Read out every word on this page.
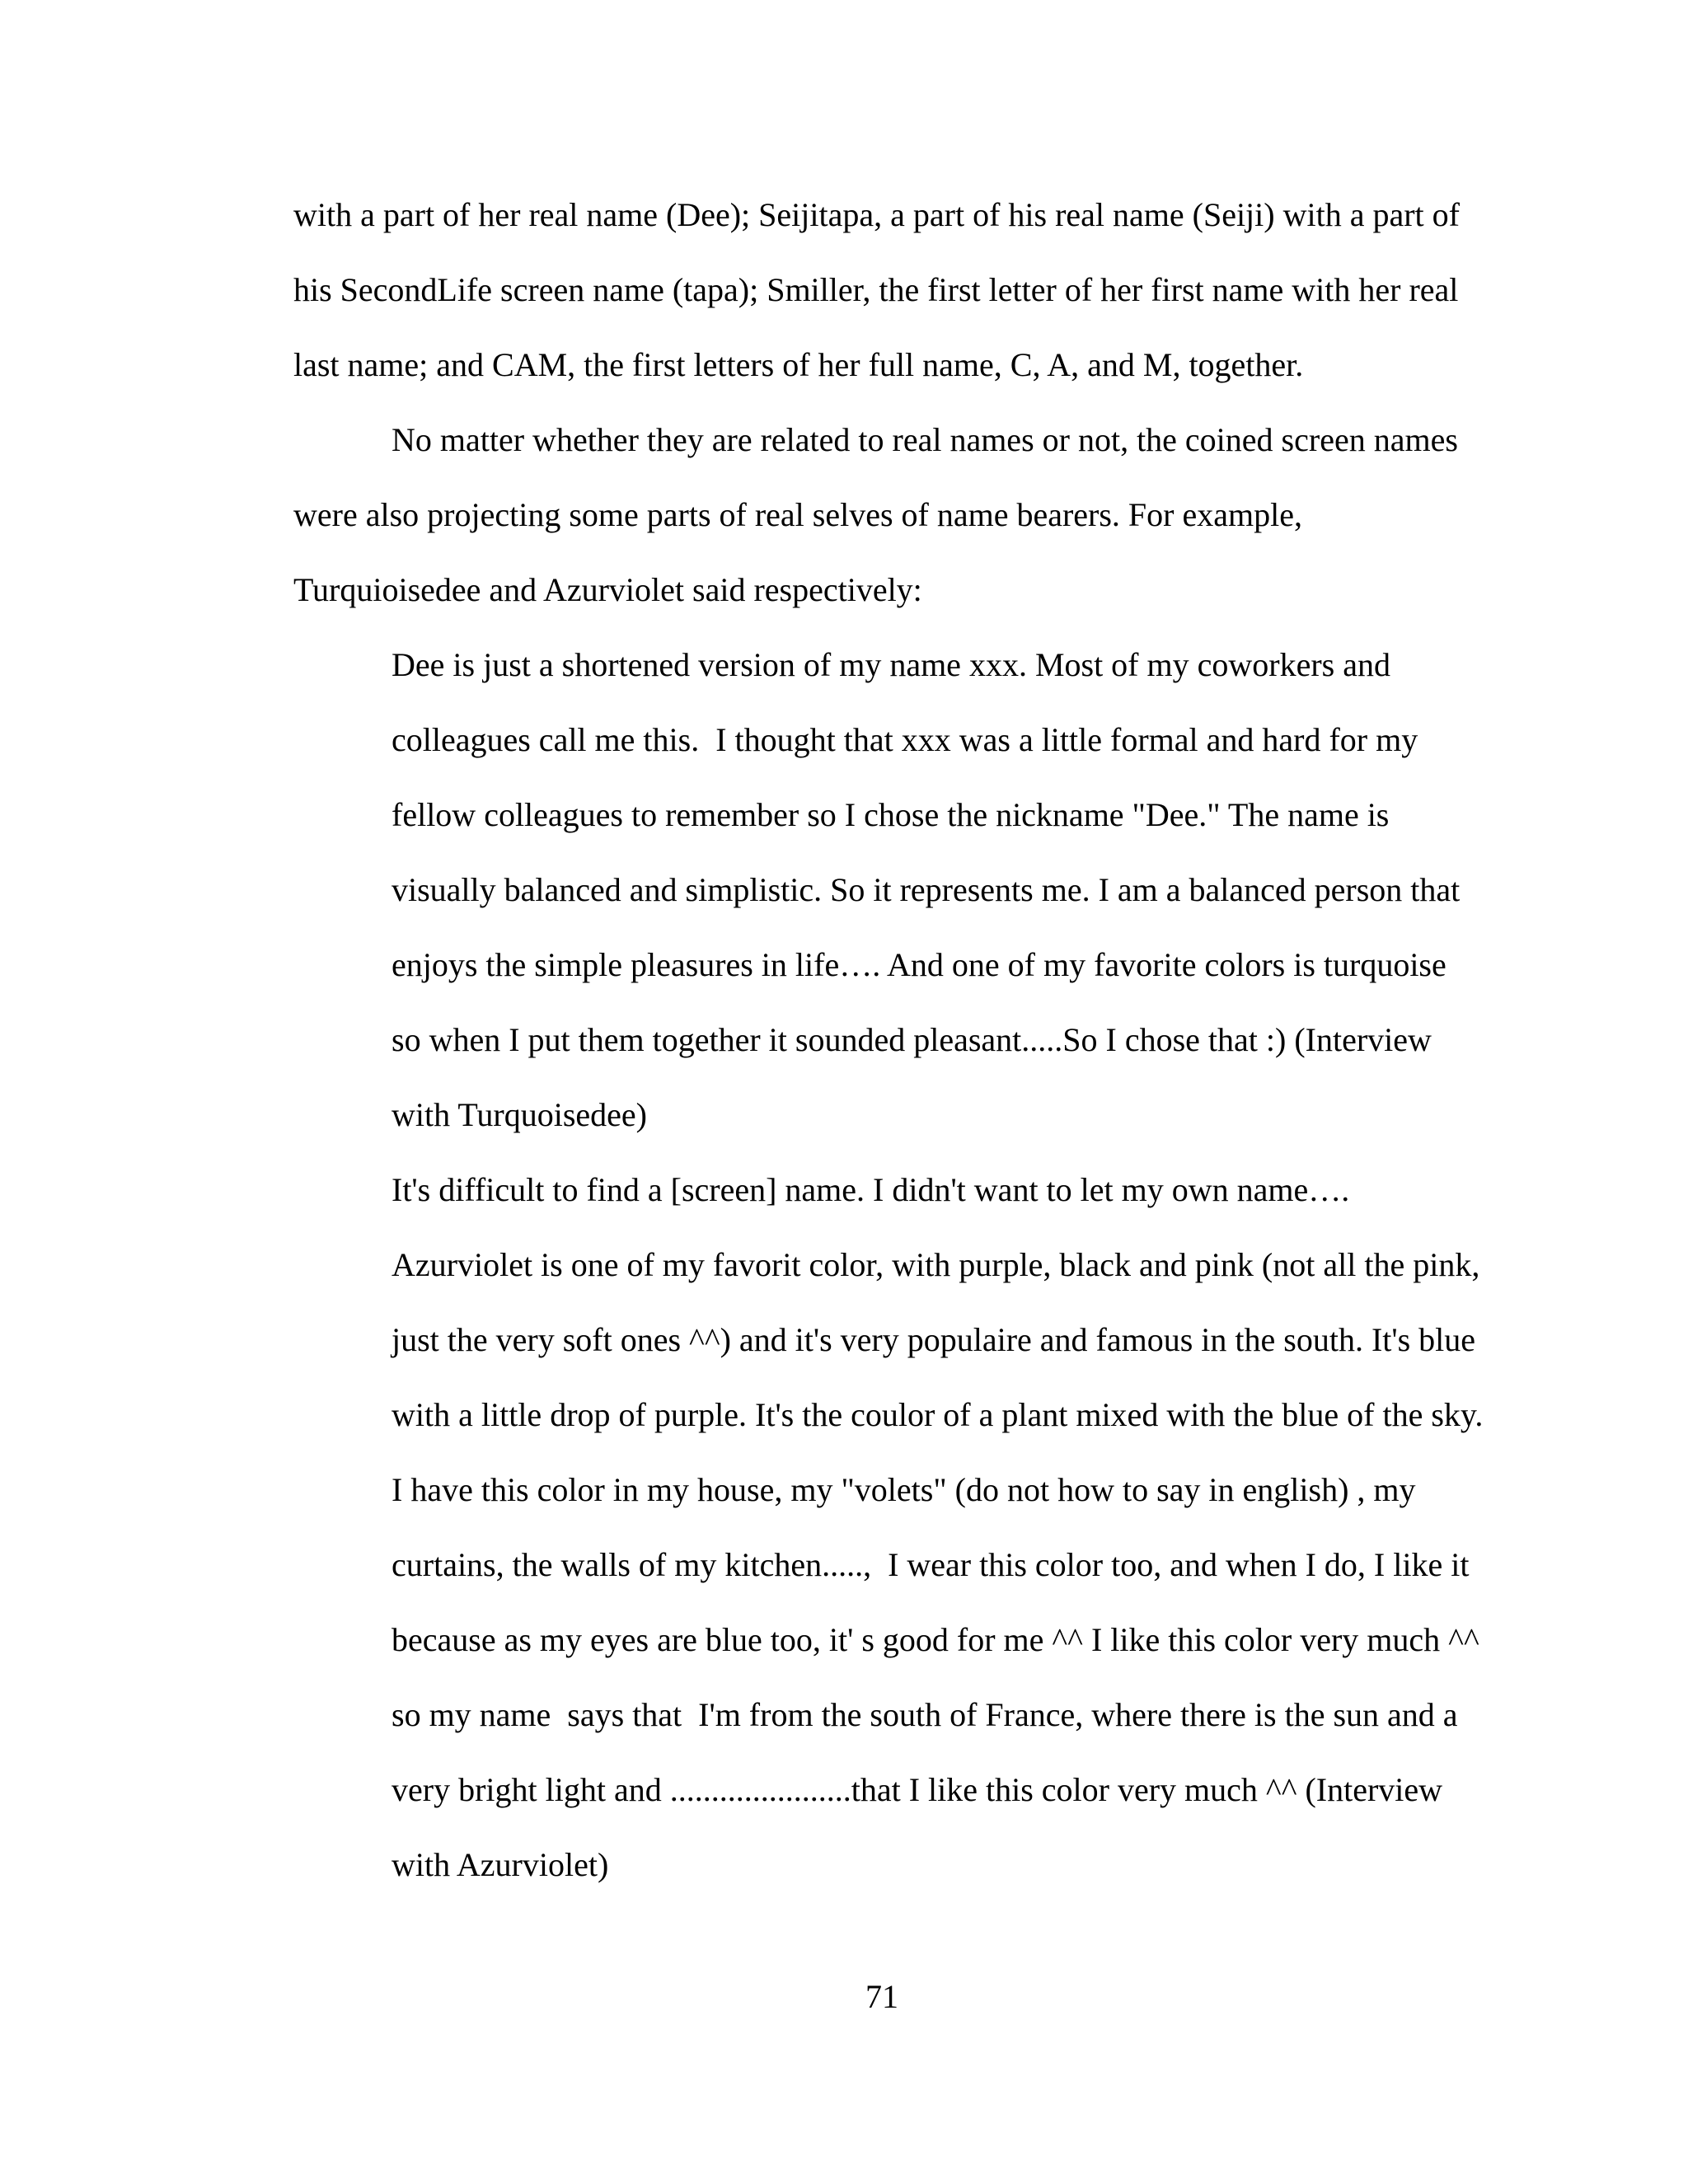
with a part of her real name (Dee); Seijitapa, a part of his real name (Seiji) with a part of

his SecondLife screen name (tapa); Smiller, the first letter of her first name with her real

last name; and CAM, the first letters of her full name, C, A, and M, together.

No matter whether they are related to real names or not, the coined screen names

were also projecting some parts of real selves of name bearers. For example,

Turquioisedee and Azurviolet said respectively:

Dee is just a shortened version of my name xxx. Most of my coworkers and

colleagues call me this.  I thought that xxx was a little formal and hard for my

fellow colleagues to remember so I chose the nickname "Dee." The name is

visually balanced and simplistic. So it represents me. I am a balanced person that

enjoys the simple pleasures in life…. And one of my favorite colors is turquoise

so when I put them together it sounded pleasant.....So I chose that :) (Interview

with Turquoisedee)

It's difficult to find a [screen] name. I didn't want to let my own name….

Azurviolet is one of my favorit color, with purple, black and pink (not all the pink,

just the very soft ones ^^) and it's very populaire and famous in the south. It's blue

with a little drop of purple. It's the coulor of a plant mixed with the blue of the sky.

I have this color in my house, my "volets" (do not how to say in english) , my

curtains, the walls of my kitchen.....,  I wear this color too, and when I do, I like it

because as my eyes are blue too, it' s good for me ^^ I like this color very much ^^

so my name  says that  I'm from the south of France, where there is the sun and a

very bright light and ......................that I like this color very much ^^ (Interview

with Azurviolet)

71
